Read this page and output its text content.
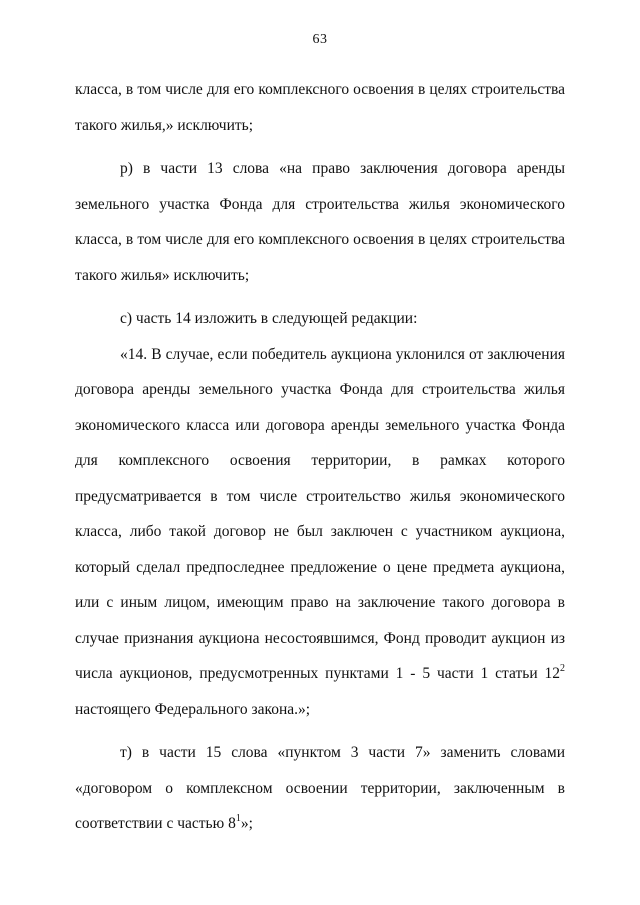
63

класса, в том числе для его комплексного освоения в целях строительства такого жилья,» исключить;

р) в части 13 слова «на право заключения договора аренды земельного участка Фонда для строительства жилья экономического класса, в том числе для его комплексного освоения в целях строительства такого жилья» исключить;

с) часть 14 изложить в следующей редакции:

«14. В случае, если победитель аукциона уклонился от заключения договора аренды земельного участка Фонда для строительства жилья экономического класса или договора аренды земельного участка Фонда для комплексного освоения территории, в рамках которого предусматривается в том числе строительство жилья экономического класса, либо такой договор не был заключен с участником аукциона, который сделал предпоследнее предложение о цене предмета аукциона, или с иным лицом, имеющим право на заключение такого договора в случае признания аукциона несостоявшимся, Фонд проводит аукцион из числа аукционов, предусмотренных пунктами 1 - 5 части 1 статьи $12^2$ настоящего Федерального закона.»;

т) в части 15 слова «пунктом 3 части 7» заменить словами «договором о комплексном освоении территории, заключенным в соответствии с частью $8^1$»;
